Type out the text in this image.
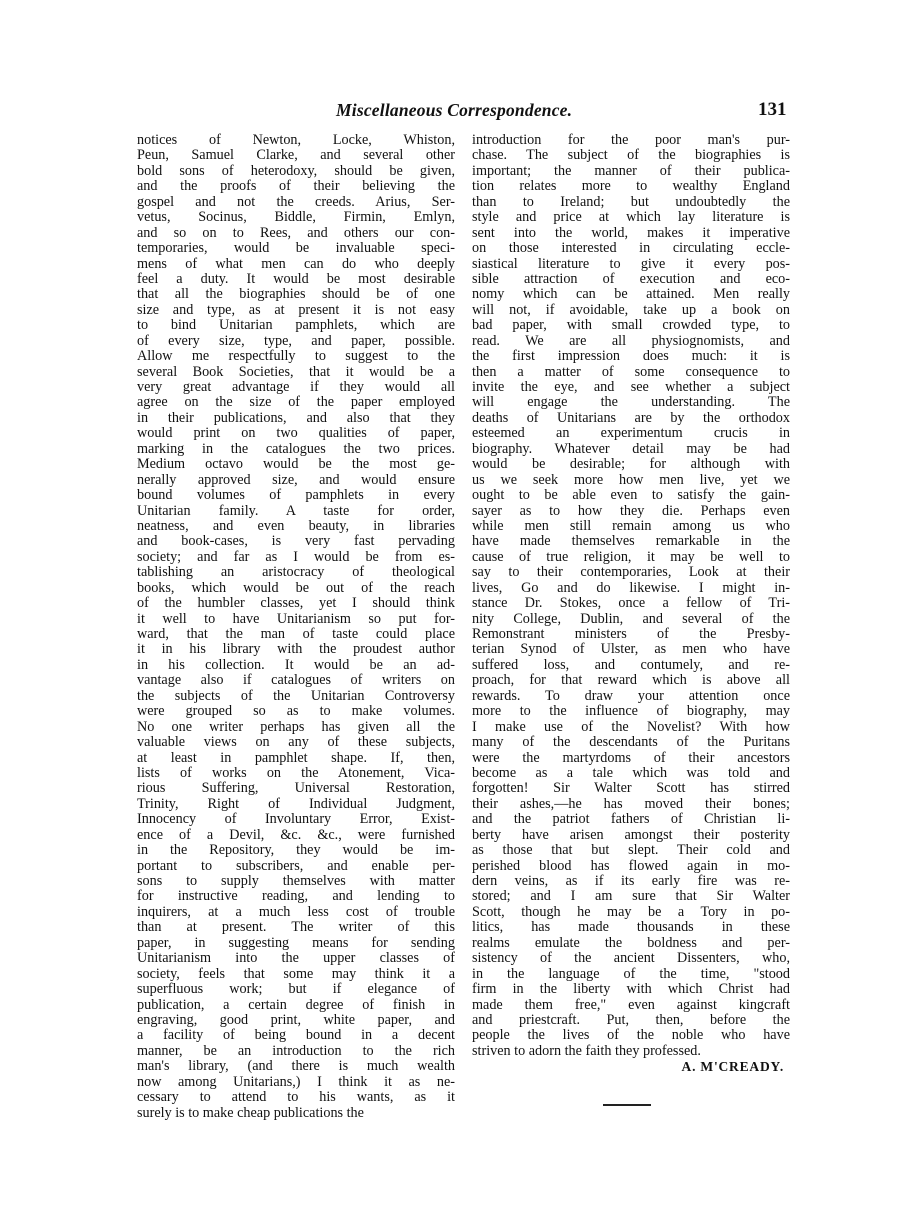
Miscellaneous Correspondence.	131
notices of Newton, Locke, Whiston,
Peun, Samuel Clarke, and several other
bold sons of heterodoxy, should be given,
and the proofs of their believing the
gospel and not the creeds. Arius, Ser-
vetus, Socinus, Biddle, Firmin, Emlyn,
and so on to Rees, and others our con-
temporaries, would be invaluable speci-
mens of what men can do who deeply
feel a duty. It would be most desirable
that all the biographies should be of one
size and type, as at present it is not easy
to bind Unitarian pamphlets, which are
of every size, type, and paper, possible.
Allow me respectfully to suggest to the
several Book Societies, that it would be a
very great advantage if they would all
agree on the size of the paper employed
in their publications, and also that they
would print on two qualities of paper,
marking in the catalogues the two prices.
Medium octavo would be the most ge-
nerally approved size, and would ensure
bound volumes of pamphlets in every
Unitarian family. A taste for order,
neatness, and even beauty, in libraries
and book-cases, is very fast pervading
society; and far as I would be from es-
tablishing an aristocracy of theological
books, which would be out of the reach
of the humbler classes, yet I should think
it well to have Unitarianism so put for-
ward, that the man of taste could place
it in his library with the proudest author
in his collection. It would be an ad-
vantage also if catalogues of writers on
the subjects of the Unitarian Controversy
were grouped so as to make volumes.
No one writer perhaps has given all the
valuable views on any of these subjects,
at least in pamphlet shape. If, then,
lists of works on the Atonement, Vica-
rious Suffering, Universal Restoration,
Trinity, Right of Individual Judgment,
Innocency of Involuntary Error, Exist-
ence of a Devil, &c. &c., were furnished
in the Repository, they would be im-
portant to subscribers, and enable per-
sons to supply themselves with matter
for instructive reading, and lending to
inquirers, at a much less cost of trouble
than at present. The writer of this
paper, in suggesting means for sending
Unitarianism into the upper classes of
society, feels that some may think it a
superfluous work; but if elegance of
publication, a certain degree of finish in
engraving, good print, white paper, and
a facility of being bound in a decent
manner, be an introduction to the rich
man's library, (and there is much wealth
now among Unitarians,) I think it as ne-
cessary to attend to his wants, as it
surely is to make cheap publications the
introduction for the poor man's pur-
chase. The subject of the biographies is
important; the manner of their publica-
tion relates more to wealthy England
than to Ireland; but undoubtedly the
style and price at which lay literature is
sent into the world, makes it imperative
on those interested in circulating eccle-
siastical literature to give it every pos-
sible attraction of execution and eco-
nomy which can be attained. Men really
will not, if avoidable, take up a book on
bad paper, with small crowded type, to
read. We are all physiognomists, and
the first impression does much: it is
then a matter of some consequence to
invite the eye, and see whether a subject
will engage the understanding. The
deaths of Unitarians are by the orthodox
esteemed an experimentum crucis in
biography. Whatever detail may be had
would be desirable; for although with
us we seek more how men live, yet we
ought to be able even to satisfy the gain-
sayer as to how they die. Perhaps even
while men still remain among us who
have made themselves remarkable in the
cause of true religion, it may be well to
say to their contemporaries, Look at their
lives, Go and do likewise. I might in-
stance Dr. Stokes, once a fellow of Tri-
nity College, Dublin, and several of the
Remonstrant ministers of the Presby-
terian Synod of Ulster, as men who have
suffered loss, and contumely, and re-
proach, for that reward which is above all
rewards. To draw your attention once
more to the influence of biography, may
I make use of the Novelist? With how
many of the descendants of the Puritans
were the martyrdoms of their ancestors
become as a tale which was told and
forgotten! Sir Walter Scott has stirred
their ashes,—he has moved their bones;
and the patriot fathers of Christian li-
berty have arisen amongst their posterity
as those that but slept. Their cold and
perished blood has flowed again in mo-
dern veins, as if its early fire was re-
stored; and I am sure that Sir Walter
Scott, though he may be a Tory in po-
litics, has made thousands in these
realms emulate the boldness and per-
sistency of the ancient Dissenters, who,
in the language of the time, "stood
firm in the liberty with which Christ had
made them free," even against kingcraft
and priestcraft. Put, then, before the
people the lives of the noble who have
striven to adorn the faith they professed.
A. M'CREADY.
